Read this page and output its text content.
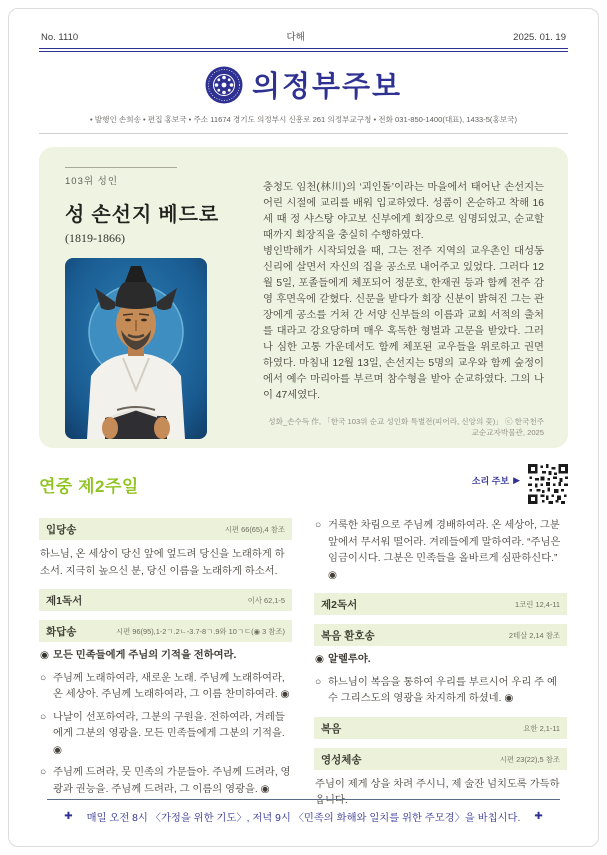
No. 1110	다해	2025. 01. 19
의정부주보
• 발행인 손희송 • 편집 홍보국 • 주소 11674 경기도 의정부시 신흥로 261 의정부교구청 • 전화 031-850-1400(대표), 1433-5(홍보국)
103위 성인
성 손선지 베드로
(1819-1866)

충청도 임천(林川)의 ‘괴인돌’이라는 마을에서 태어난 손선지는 어린 시절에 교리를 배워 입교하였다. 성품이 온순하고 착해 16세 때 정 샤스탕 야고보 신부에게 회장으로 임명되었고, 순교할 때까지 회장직을 충실히 수행하였다.

병인박해가 시작되었을 때, 그는 전주 지역의 교우촌인 대성동 신리에 살면서 자신의 집을 공소로 내어주고 있었다. 그러다 12월 5일, 포졸들에게 체포되어 정문호, 한재권 등과 함께 전주 감영 후면옥에 갇혔다. 신문을 받다가 회장 신분이 밝혀진 그는 관장에게 공소를 거쳐 간 서양 신부들의 이름과 교회 서적의 출처를 대라고 강요당하며 매우 혹독한 형벌과 고문을 받았다. 그러나 심한 고통 가운데서도 함께 체포된 교우들을 위로하고 권면하였다. 마침내 12월 13일, 손선지는 5명의 교우와 함께 숲정이에서 예수 마리아를 부르며 참수형을 받아 순교하였다. 그의 나이 47세였다.

성화_손수득 作, 「한국 103위 순교 성인화 특별전(피어라, 신앙의 꽃)」 ⓒ 한국천주교순교자박물관, 2025
연중 제2주일	소리 주보 ▶
입당송	시편 66(65),4 참조

하느님, 온 세상이 당신 앞에 엎드려 당신을 노래하게 하소서. 지극히 높으신 분, 당신 이름을 노래하게 하소서.

제1독서	이사 62,1-5
화답송	시편 96(95),1-2ㄱ.2ㄴ-3.7-8ㄱ.9와 10ㄱㄷ(◉ 3 참조)
◉ 모든 민족들에게 주님의 기적을 전하여라.
○ 주님께 노래하여라, 새로운 노래. 주님께 노래하여라, 온 세상아. 주님께 노래하여라, 그 이름 찬미하여라. ◉
○ 나날이 선포하여라, 그분의 구원을. 전하여라, 겨레들에게 그분의 영광을. 모든 민족들에게 그분의 기적을. ◉
○ 주님께 드려라, 뭇 민족의 가문들아. 주님께 드려라, 영광과 권능을. 주님께 드려라, 그 이름의 영광을. ◉
○ 거룩한 차림으로 주님께 경배하여라. 온 세상아, 그분 앞에서 무서워 떨어라. 겨레들에게 말하여라. “주님은 임금이시다. 그분은 민족들을 올바르게 심판하신다.” ◉
제2독서	1코린 12,4-11
복음 환호송	2테살 2,14 참조
◉ 알렐루야.
○ 하느님이 복음을 통하여 우리를 부르시어 우리 주 예수 그리스도의 영광을 차지하게 하셨네. ◉
복음	요한 2,1-11
영성체송	시편 23(22),5 참조

주님이 제게 상을 차려 주시니, 제 술잔 넘치도록 가득하옵니다.

✚ 매일 오전 8시 〈가정을 위한 기도〉, 저녁 9시 〈민족의 화해와 일치를 위한 주모경〉을 바칩시다. ✚
